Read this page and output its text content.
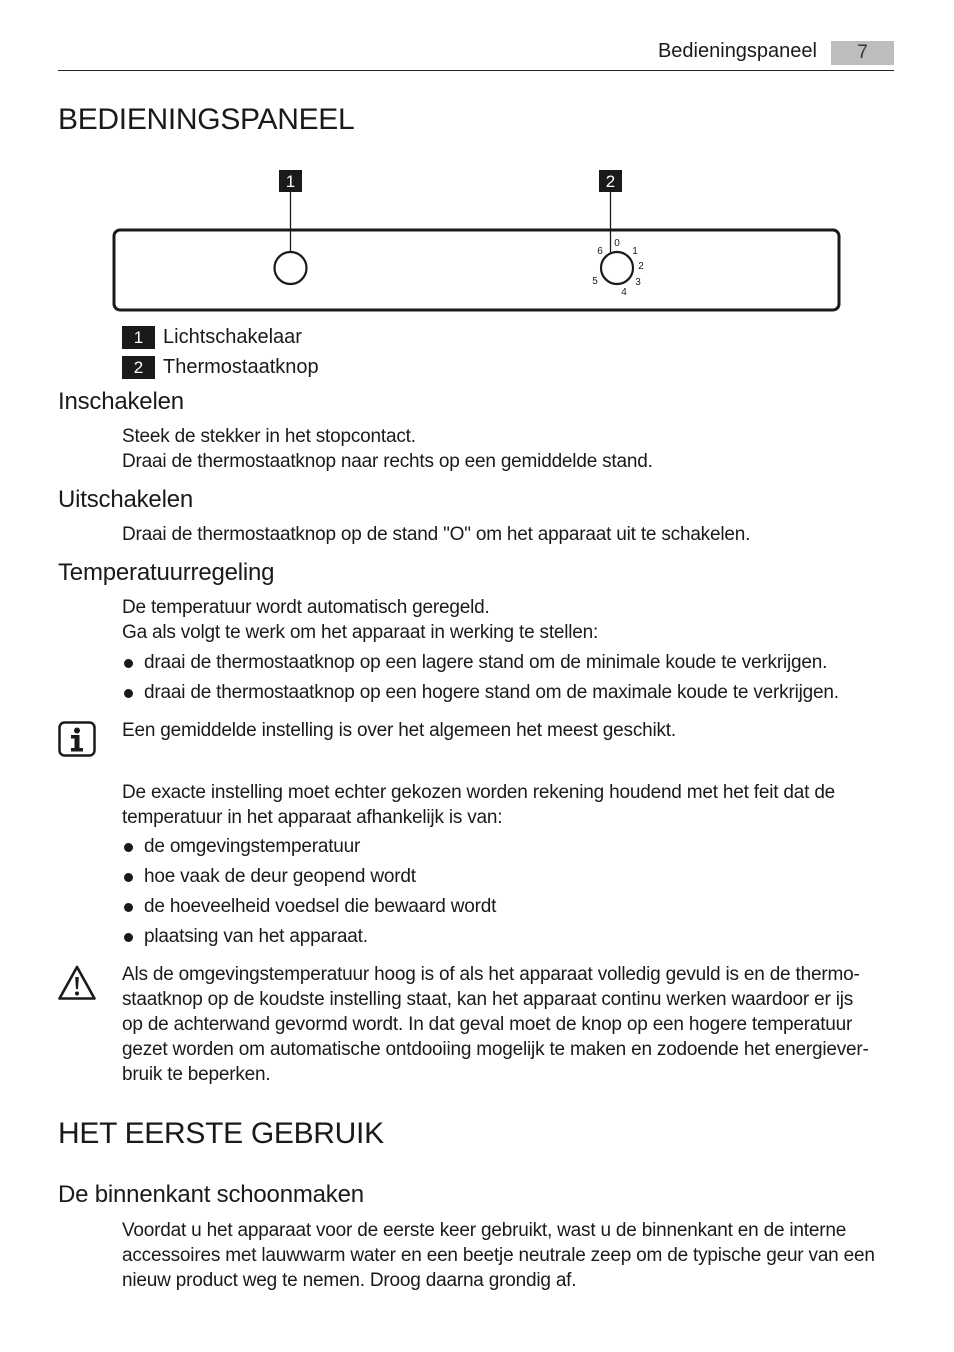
Bedieningspaneel	7
BEDIENINGSPANEEL
1	2
0
1
2
3
4
5
6
1 Lichtschakelaar
2 Thermostaatknop
Inschakelen

Steek de stekker in het stopcontact.

Draai de thermostaatknop naar rechts op een gemiddelde stand.

Uitschakelen

Draai de thermostaatknop op de stand "O" om het apparaat uit te schakelen.

Temperatuurregeling

De temperatuur wordt automatisch geregeld.

Ga als volgt te werk om het apparaat in werking te stellen:

draai de thermostaatknop op een lagere stand om de minimale koude te verkrijgen.
draai de thermostaatknop op een hogere stand om de maximale koude te verkrijgen.

Een gemiddelde instelling is over het algemeen het meest geschikt.

De exacte instelling moet echter gekozen worden rekening houdend met het feit dat de

temperatuur in het apparaat afhankelijk is van:

de omgevingstemperatuur
hoe vaak de deur geopend wordt
de hoeveelheid voedsel die bewaard wordt
plaatsing van het apparaat.

Als de omgevingstemperatuur hoog is of als het apparaat volledig gevuld is en de thermo-

staatknop op de koudste instelling staat, kan het apparaat continu werken waardoor er ijs

op de achterwand gevormd wordt. In dat geval moet de knop op een hogere temperatuur

gezet worden om automatische ontdooiing mogelijk te maken en zodoende het energiever-

bruik te beperken.

HET EERSTE GEBRUIK
De binnenkant schoonmaken

Voordat u het apparaat voor de eerste keer gebruikt, wast u de binnenkant en de interne

accessoires met lauwwarm water en een beetje neutrale zeep om de typische geur van een

nieuw product weg te nemen. Droog daarna grondig af.
